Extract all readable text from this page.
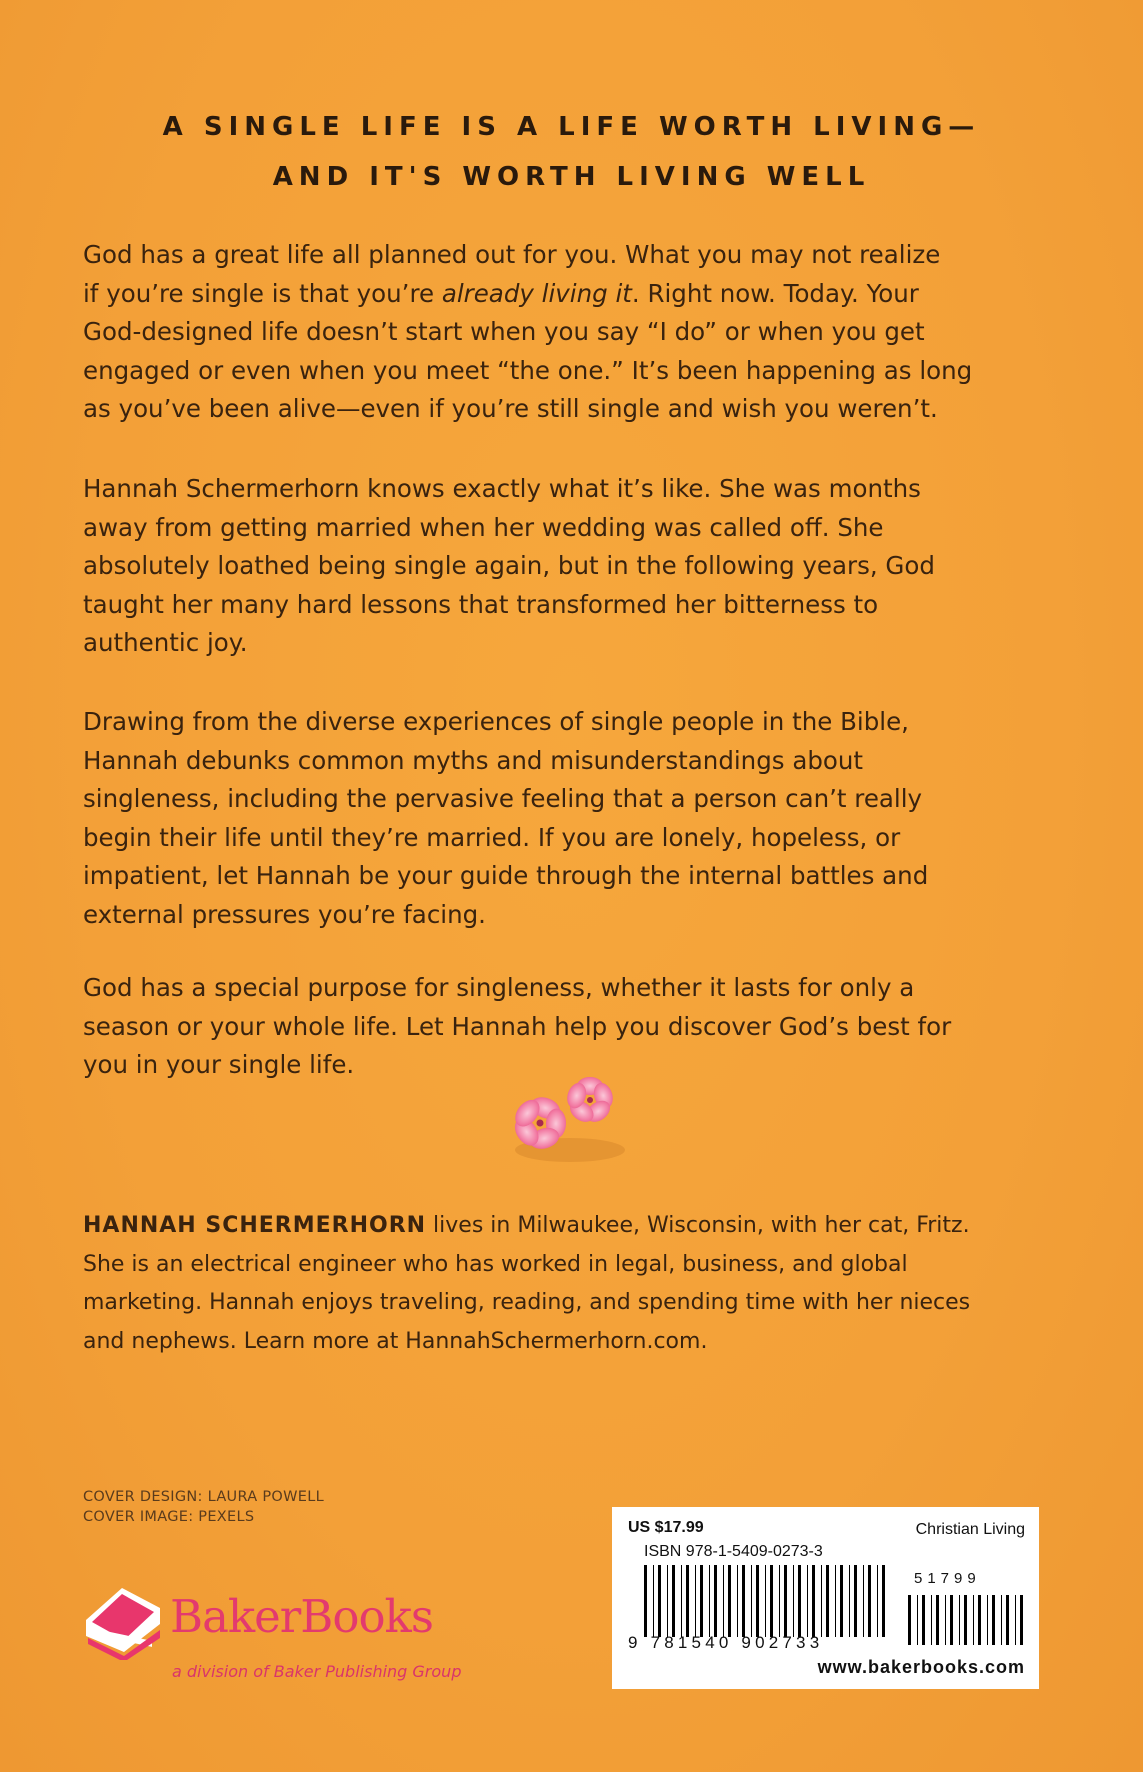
A SINGLE LIFE IS A LIFE WORTH LIVING—
AND IT'S WORTH LIVING WELL
God has a great life all planned out for you. What you may not realize
if you’re single is that you’re already living it. Right now. Today. Your
God-designed life doesn’t start when you say “I do” or when you get
engaged or even when you meet “the one.” It’s been happening as long
as you’ve been alive—even if you’re still single and wish you weren’t.
Hannah Schermerhorn knows exactly what it’s like. She was months
away from getting married when her wedding was called off. She
absolutely loathed being single again, but in the following years, God
taught her many hard lessons that transformed her bitterness to
authentic joy.
Drawing from the diverse experiences of single people in the Bible,
Hannah debunks common myths and misunderstandings about
singleness, including the pervasive feeling that a person can’t really
begin their life until they’re married. If you are lonely, hopeless, or
impatient, let Hannah be your guide through the internal battles and
external pressures you’re facing.
God has a special purpose for singleness, whether it lasts for only a
season or your whole life. Let Hannah help you discover God’s best for
you in your single life.
HANNAH SCHERMERHORN lives in Milwaukee, Wisconsin, with her cat, Fritz.
She is an electrical engineer who has worked in legal, business, and global
marketing. Hannah enjoys traveling, reading, and spending time with her nieces
and nephews. Learn more at HannahSchermerhorn.com.
COVER DESIGN: LAURA POWELL
COVER IMAGE: PEXELS
BakerBooks
a division of Baker Publishing Group
US $17.99	Christian Living
ISBN 978-1-5409-0273-3
51799
9 781540 902733
www.bakerbooks.com
